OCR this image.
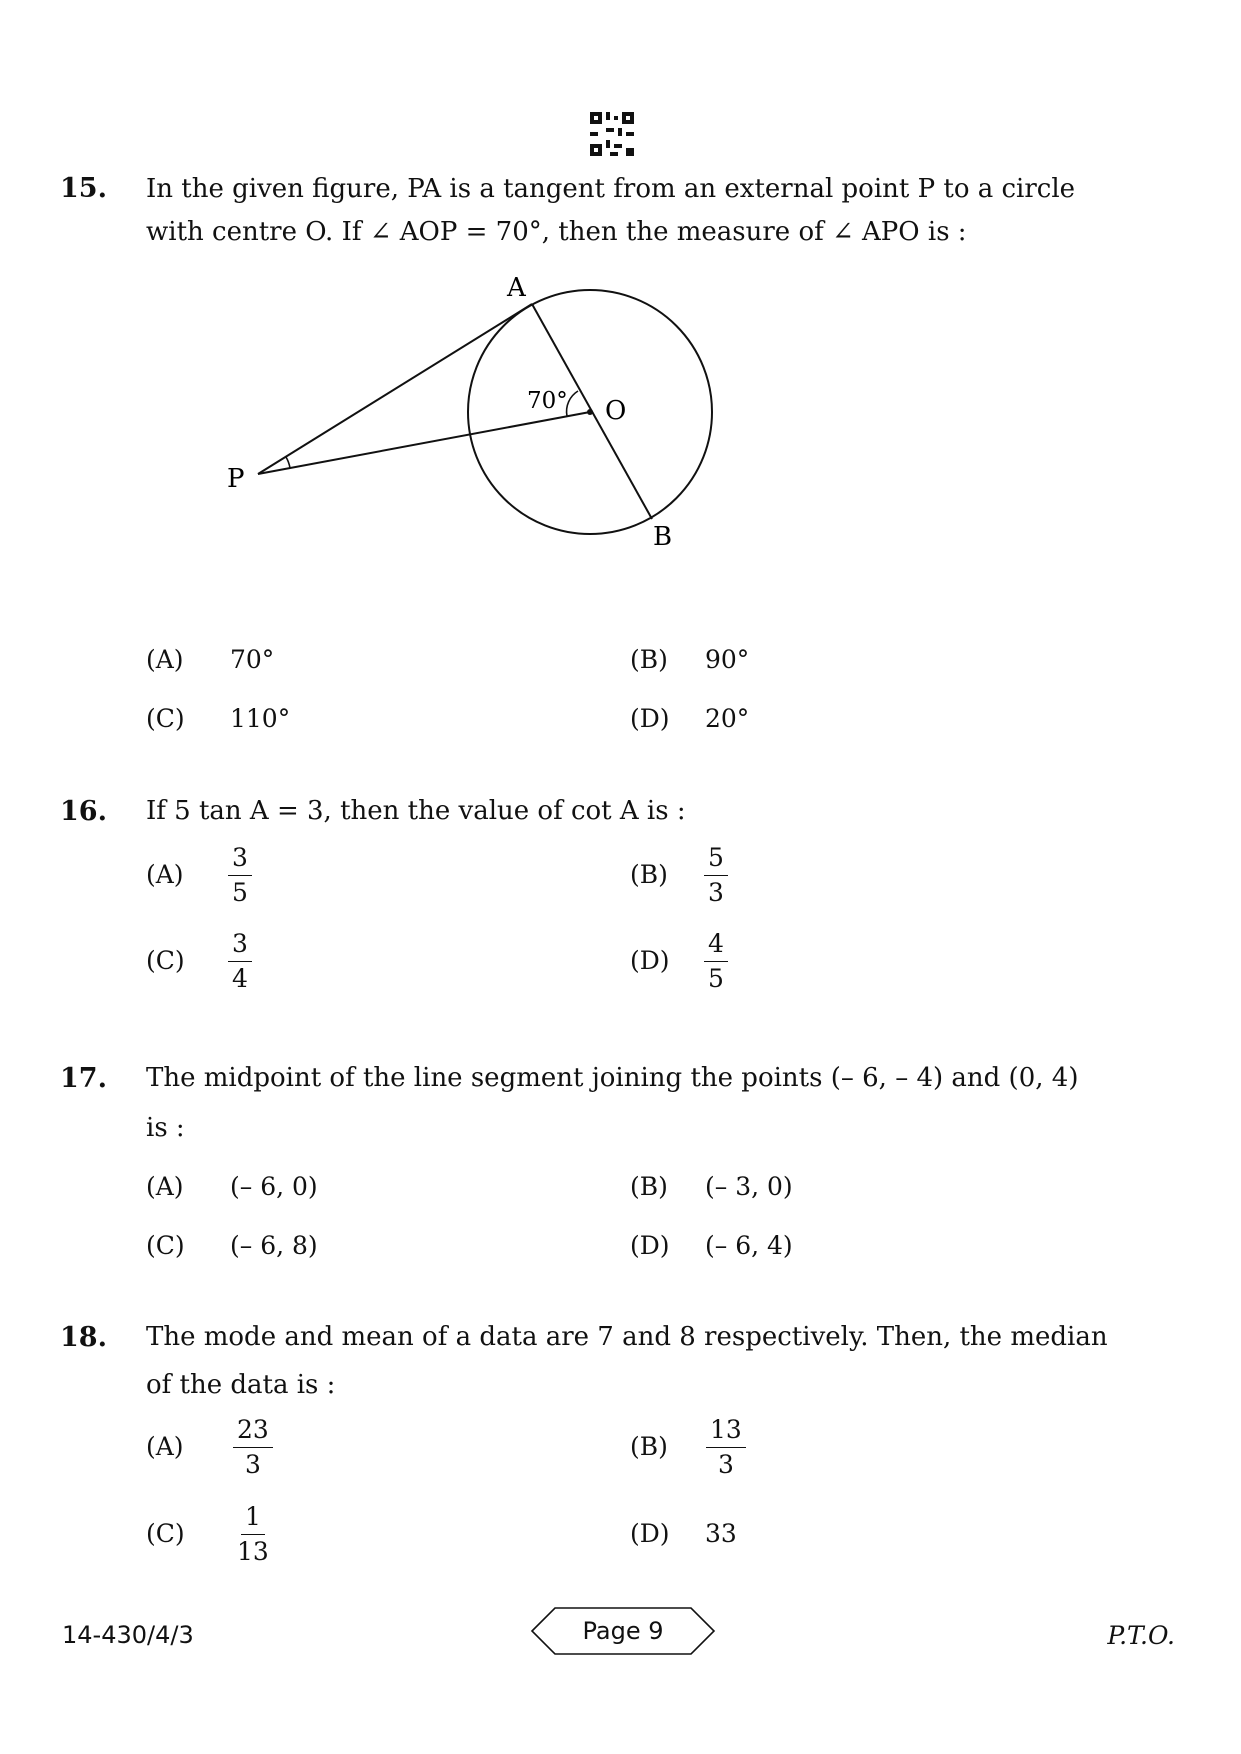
15. In the given figure, PA is a tangent from an external point P to a circle
with centre O. If ∠ AOP = 70°, then the measure of ∠ APO is :
A
O
B
P
70°
(A) 70°	(B) 90°
(C) 110°	(D) 20°
16. If 5 tan A = 3, then the value of cot A is :
$(A) \frac{3}{5}$	$(B) \frac{5}{3}$
$(C) \frac{3}{4}$	$(D) \frac{4}{5}$
17. The midpoint of the line segment joining the points (– 6, – 4) and (0, 4)
is :
(A) (– 6, 0)	(B) (– 3, 0)
(C) (– 6, 8)	(D) (– 6, 4)
18. The mode and mean of a data are 7 and 8 respectively. Then, the median
of the data is :
$(A) \frac{23}{3}$	$(B) \frac{13}{3}$
$(C) \frac{1}{13}$	(D) 33
14-430/4/3	Page 9	P.T.O.
